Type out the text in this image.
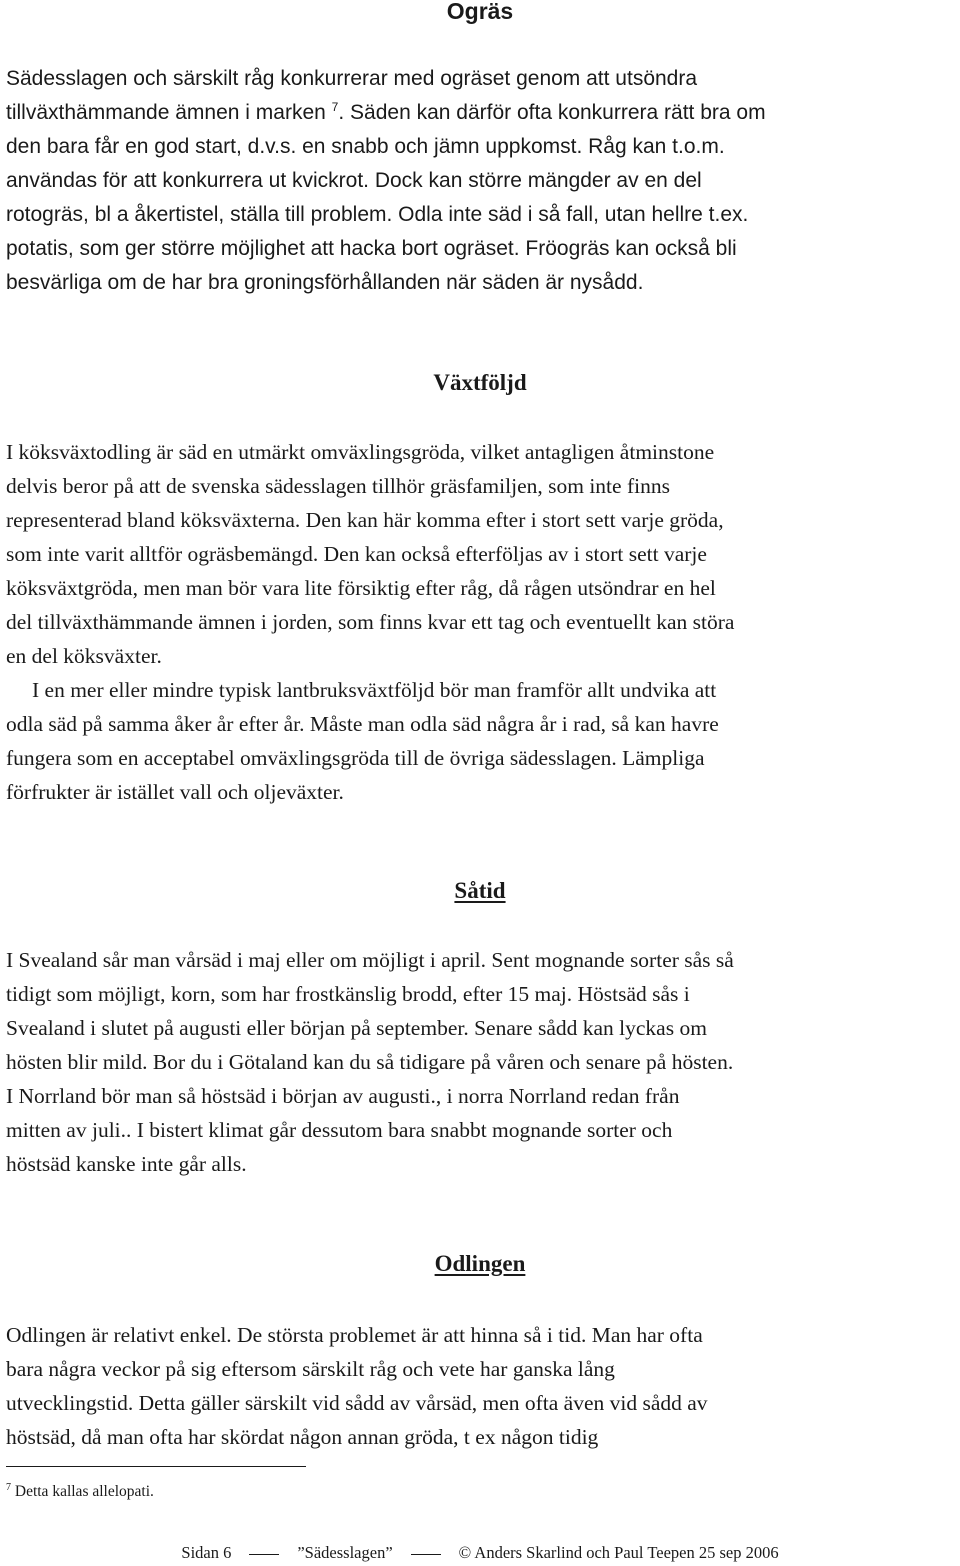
Ogräs
Sädesslagen och särskilt råg konkurrerar med ogräset genom att utsöndra
tillväxthämmande ämnen i marken $^7$. Säden kan därför ofta konkurrera rätt bra om
den bara får en god start, d.v.s. en snabb och jämn uppkomst. Råg kan t.o.m.
användas för att konkurrera ut kvickrot. Dock kan större mängder av en del
rotogräs, bl a åkertistel, ställa till problem. Odla inte säd i så fall, utan hellre t.ex.
potatis, som ger större möjlighet att hacka bort ogräset. Fröogräs kan också bli
besvärliga om de har bra groningsförhållanden när säden är nysådd.
Växtföljd
I köksväxtodling är säd en utmärkt omväxlingsgröda, vilket antagligen åtminstone
delvis beror på att de svenska sädesslagen tillhör gräsfamiljen, som inte finns
representerad bland köksväxterna. Den kan här komma efter i stort sett varje gröda,
som inte varit alltför ogräsbemängd. Den kan också efterföljas av i stort sett varje
köksväxtgröda, men man bör vara lite försiktig efter råg, då rågen utsöndrar en hel
del tillväxthämmande ämnen i jorden, som finns kvar ett tag och eventuellt kan störa
en del köksväxter.
I en mer eller mindre typisk lantbruksväxtföljd bör man framför allt undvika att
odla säd på samma åker år efter år. Måste man odla säd några år i rad, så kan havre
fungera som en acceptabel omväxlingsgröda till de övriga sädesslagen. Lämpliga
förfrukter är istället vall och oljeväxter.
Såtid
I Svealand sår man vårsäd i maj eller om möjligt i april. Sent mognande sorter sås så
tidigt som möjligt, korn, som har frostkänslig brodd, efter 15 maj. Höstsäd sås i
Svealand i slutet på augusti eller början på september. Senare sådd kan lyckas om
hösten blir mild. Bor du i Götaland kan du så tidigare på våren och senare på hösten.
I Norrland bör man så höstsäd i början av augusti., i norra Norrland redan från
mitten av juli.. I bistert klimat går dessutom bara snabbt mognande sorter och
höstsäd kanske inte går alls.
Odlingen
Odlingen är relativt enkel. De största problemet är att hinna så i tid. Man har ofta
bara några veckor på sig eftersom särskilt råg och vete har ganska lång
utvecklingstid. Detta gäller särskilt vid sådd av vårsäd, men ofta även vid sådd av
höstsäd, då man ofta har skördat någon annan gröda, t ex någon tidig
$^7$ Detta kallas allelopati.
Sidan 6	”Sädesslagen”	© Anders Skarlind och Paul Teepen 25 sep 2006
